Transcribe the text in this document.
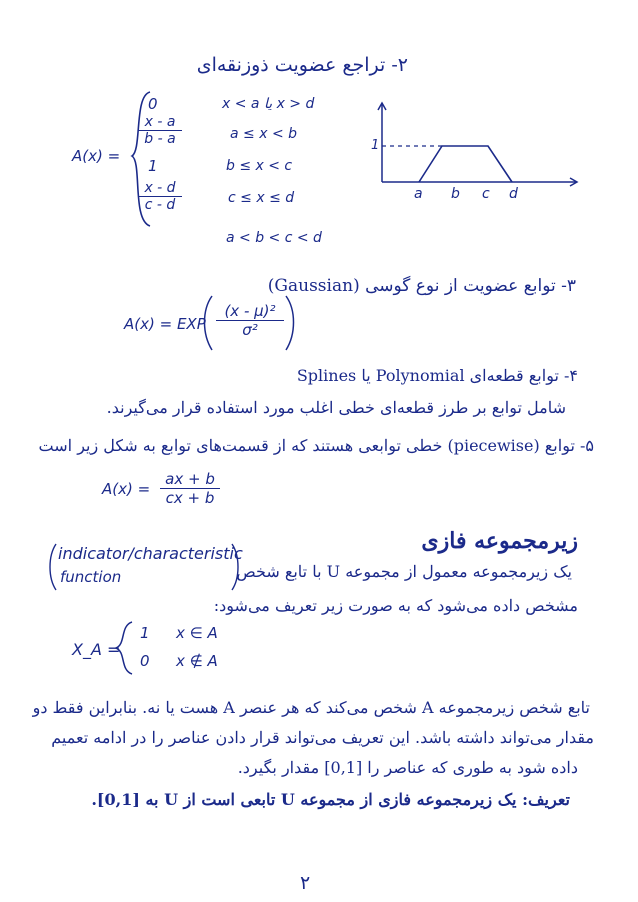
۲- تراجع عضویت ذوزنقه‌ای
A(x) =
0
$\frac{x - a}{b - a}$
1
$\frac{x - d}{c - d}$
x < a یا x > d
a ≤ x < b
b ≤ x < c
c ≤ x ≤ d
a < b < c < d
1
a b c d
۳- توابع عضویت از نوع گوسی (Gaussian)
A(x) = EXP $\frac{\text{(x - μ)²}}{\text{σ²}}$
۴- توابع قطعه‌ای Polynomial یا Splines
شامل توابع بر طرز قطعه‌ای خطی اغلب مورد استفاده قرار می‌گیرند.
۵- توابع (piecewise) خطی توابعی هستند که از قسمت‌های توابع به شکل زیر است
$A(x) = \frac{ax + b}{cx + b}$
زیرمجموعه فازی
indicator/characteristic
function	یک زیرمجموعه معمول از مجموعه U با تابع شخص
مشخص داده می‌شود که به صورت زیر تعریف می‌شود:
X_A =
1 x ∈ A
0 x ∉ A
تابع شخص زیرمجموعه A شخص می‌کند که هر عنصر A هست یا نه. بنابراین فقط دو
مقدار می‌تواند داشته باشد. این تعریف می‌تواند قرار دادن عناصر را در ادامه تعمیم
داده شود به طوری که عناصر را [0,1] مقدار بگیرد.
تعریف: یک زیرمجموعه فازی از مجموعه U تابعی است از U به [0,1].
۲
